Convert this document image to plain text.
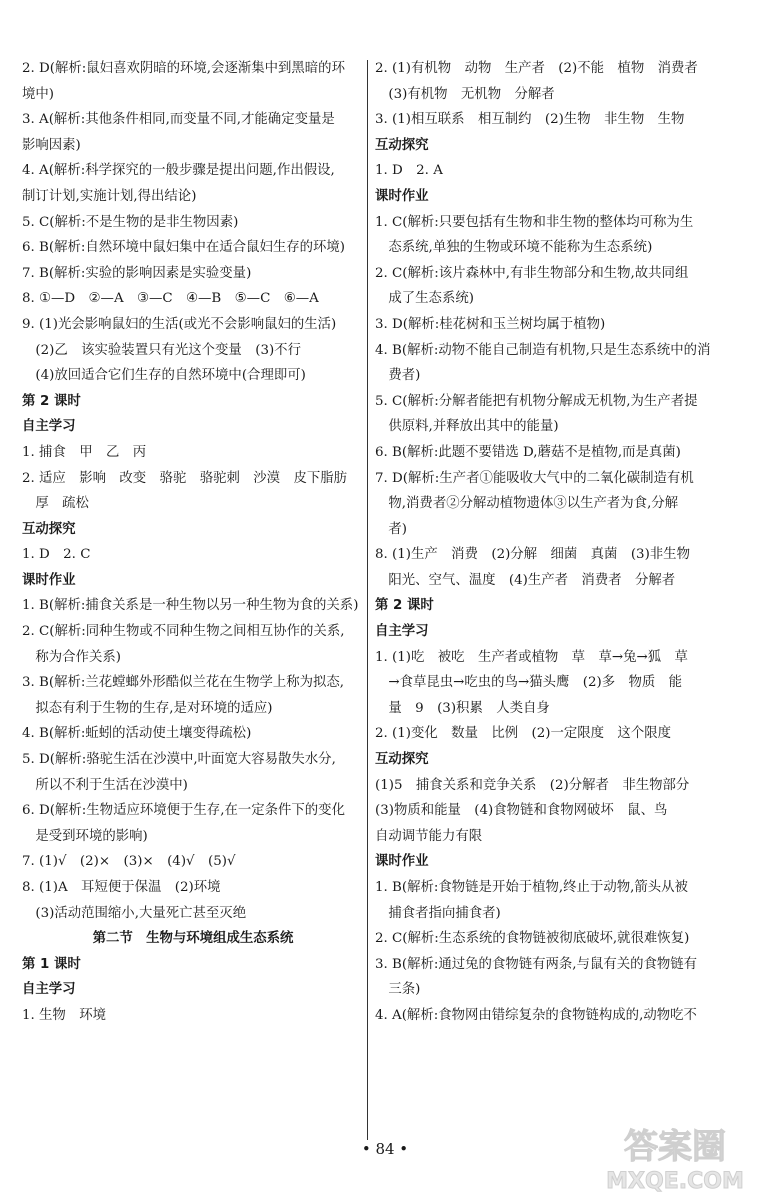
2. D(解析:鼠妇喜欢阴暗的环境,会逐渐集中到黑暗的环
境中)
3. A(解析:其他条件相同,而变量不同,才能确定变量是
影响因素)
4. A(解析:科学探究的一般步骤是提出问题,作出假设,
制订计划,实施计划,得出结论)
5. C(解析:不是生物的是非生物因素)
6. B(解析:自然环境中鼠妇集中在适合鼠妇生存的环境)
7. B(解析:实验的影响因素是实验变量)
8. ①—D　②—A　③—C　④—B　⑤—C　⑥—A
9. (1)光会影响鼠妇的生活(或光不会影响鼠妇的生活)
　(2)乙　该实验装置只有光这个变量　(3)不行
　(4)放回适合它们生存的自然环境中(合理即可)
第 2 课时
自主学习
1. 捕食　甲　乙　丙
2. 适应　影响　改变　骆驼　骆驼刺　沙漠　皮下脂肪
　厚　疏松
互动探究
1. D　2. C
课时作业
1. B(解析:捕食关系是一种生物以另一种生物为食的关系)
2. C(解析:同种生物或不同种生物之间相互协作的关系,
　称为合作关系)
3. B(解析:兰花螳螂外形酷似兰花在生物学上称为拟态,
　拟态有利于生物的生存,是对环境的适应)
4. B(解析:蚯蚓的活动使土壤变得疏松)
5. D(解析:骆驼生活在沙漠中,叶面宽大容易散失水分,
　所以不利于生活在沙漠中)
6. D(解析:生物适应环境便于生存,在一定条件下的变化
　是受到环境的影响)
7. (1)√　(2)×　(3)×　(4)√　(5)√
8. (1)A　耳短便于保温　(2)环境
　(3)活动范围缩小,大量死亡甚至灭绝
第二节　生物与环境组成生态系统
第 1 课时
自主学习
1. 生物　环境
2. (1)有机物　动物　生产者　(2)不能　植物　消费者
　(3)有机物　无机物　分解者
3. (1)相互联系　相互制约　(2)生物　非生物　生物
互动探究
1. D　2. A
课时作业
1. C(解析:只要包括有生物和非生物的整体均可称为生
　态系统,单独的生物或环境不能称为生态系统)
2. C(解析:该片森林中,有非生物部分和生物,故共同组
　成了生态系统)
3. D(解析:桂花树和玉兰树均属于植物)
4. B(解析:动物不能自己制造有机物,只是生态系统中的消
　费者)
5. C(解析:分解者能把有机物分解成无机物,为生产者提
　供原料,并释放出其中的能量)
6. B(解析:此题不要错选 D,蘑菇不是植物,而是真菌)
7. D(解析:生产者①能吸收大气中的二氧化碳制造有机
　物,消费者②分解动植物遗体③以生产者为食,分解
　者)
8. (1)生产　消费　(2)分解　细菌　真菌　(3)非生物
　阳光、空气、温度　(4)生产者　消费者　分解者
第 2 课时
自主学习
1. (1)吃　被吃　生产者或植物　草　草→兔→狐　草
　→食草昆虫→吃虫的鸟→猫头鹰　(2)多　物质　能
　量　9　(3)积累　人类自身
2. (1)变化　数量　比例　(2)一定限度　这个限度
互动探究
(1)5　捕食关系和竞争关系　(2)分解者　非生物部分
(3)物质和能量　(4)食物链和食物网破坏　鼠、鸟
自动调节能力有限
课时作业
1. B(解析:食物链是开始于植物,终止于动物,箭头从被
　捕食者指向捕食者)
2. C(解析:生态系统的食物链被彻底破坏,就很难恢复)
3. B(解析:通过兔的食物链有两条,与鼠有关的食物链有
　三条)
4. A(解析:食物网由错综复杂的食物链构成的,动物吃不
• 84 •	答案圈
MXQE.COM
